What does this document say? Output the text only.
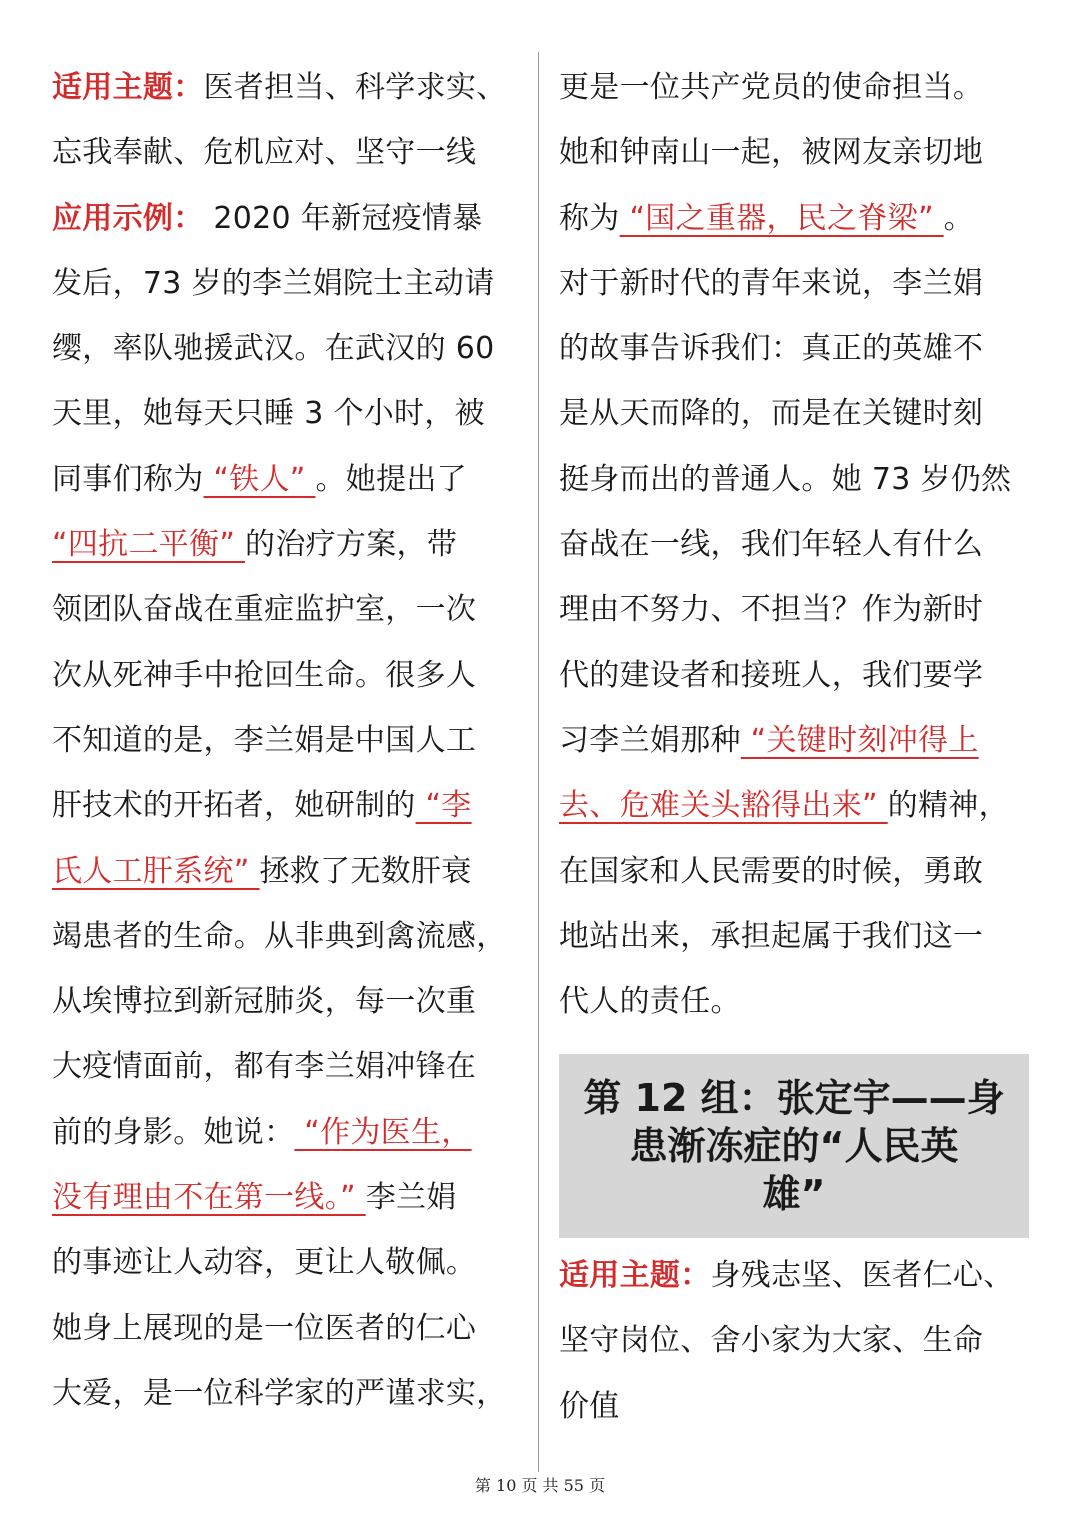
适用主题：医者担当、科学求实、
忘我奉献、危机应对、坚守一线
应用示例： 2020 年新冠疫情暴
发后，73 岁的李兰娟院士主动请
缨，率队驰援武汉。在武汉的 60
天里，她每天只睡 3 个小时，被
同事们称为 “铁人” 。她提出了
“四抗二平衡” 的治疗方案，带
领团队奋战在重症监护室，一次
次从死神手中抢回生命。很多人
不知道的是，李兰娟是中国人工
肝技术的开拓者，她研制的 “李
氏人工肝系统” 拯救了无数肝衰
竭患者的生命。从非典到禽流感，
从埃博拉到新冠肺炎，每一次重
大疫情面前，都有李兰娟冲锋在
前的身影。她说： “作为医生，
没有理由不在第一线。” 李兰娟
的事迹让人动容，更让人敬佩。
她身上展现的是一位医者的仁心
大爱，是一位科学家的严谨求实，
更是一位共产党员的使命担当。
她和钟南山一起，被网友亲切地
称为 “国之重器，民之脊梁” 。
对于新时代的青年来说，李兰娟
的故事告诉我们：真正的英雄不
是从天而降的，而是在关键时刻
挺身而出的普通人。她 73 岁仍然
奋战在一线，我们年轻人有什么
理由不努力、不担当？作为新时
代的建设者和接班人，我们要学
习李兰娟那种 “关键时刻冲得上
去、危难关头豁得出来” 的精神，
在国家和人民需要的时候，勇敢
地站出来，承担起属于我们这一
代人的责任。
第 12 组：张定宇——身
患渐冻症的“人民英
雄”
适用主题：身残志坚、医者仁心、
坚守岗位、舍小家为大家、生命
价值
第 10 页 共 55 页
